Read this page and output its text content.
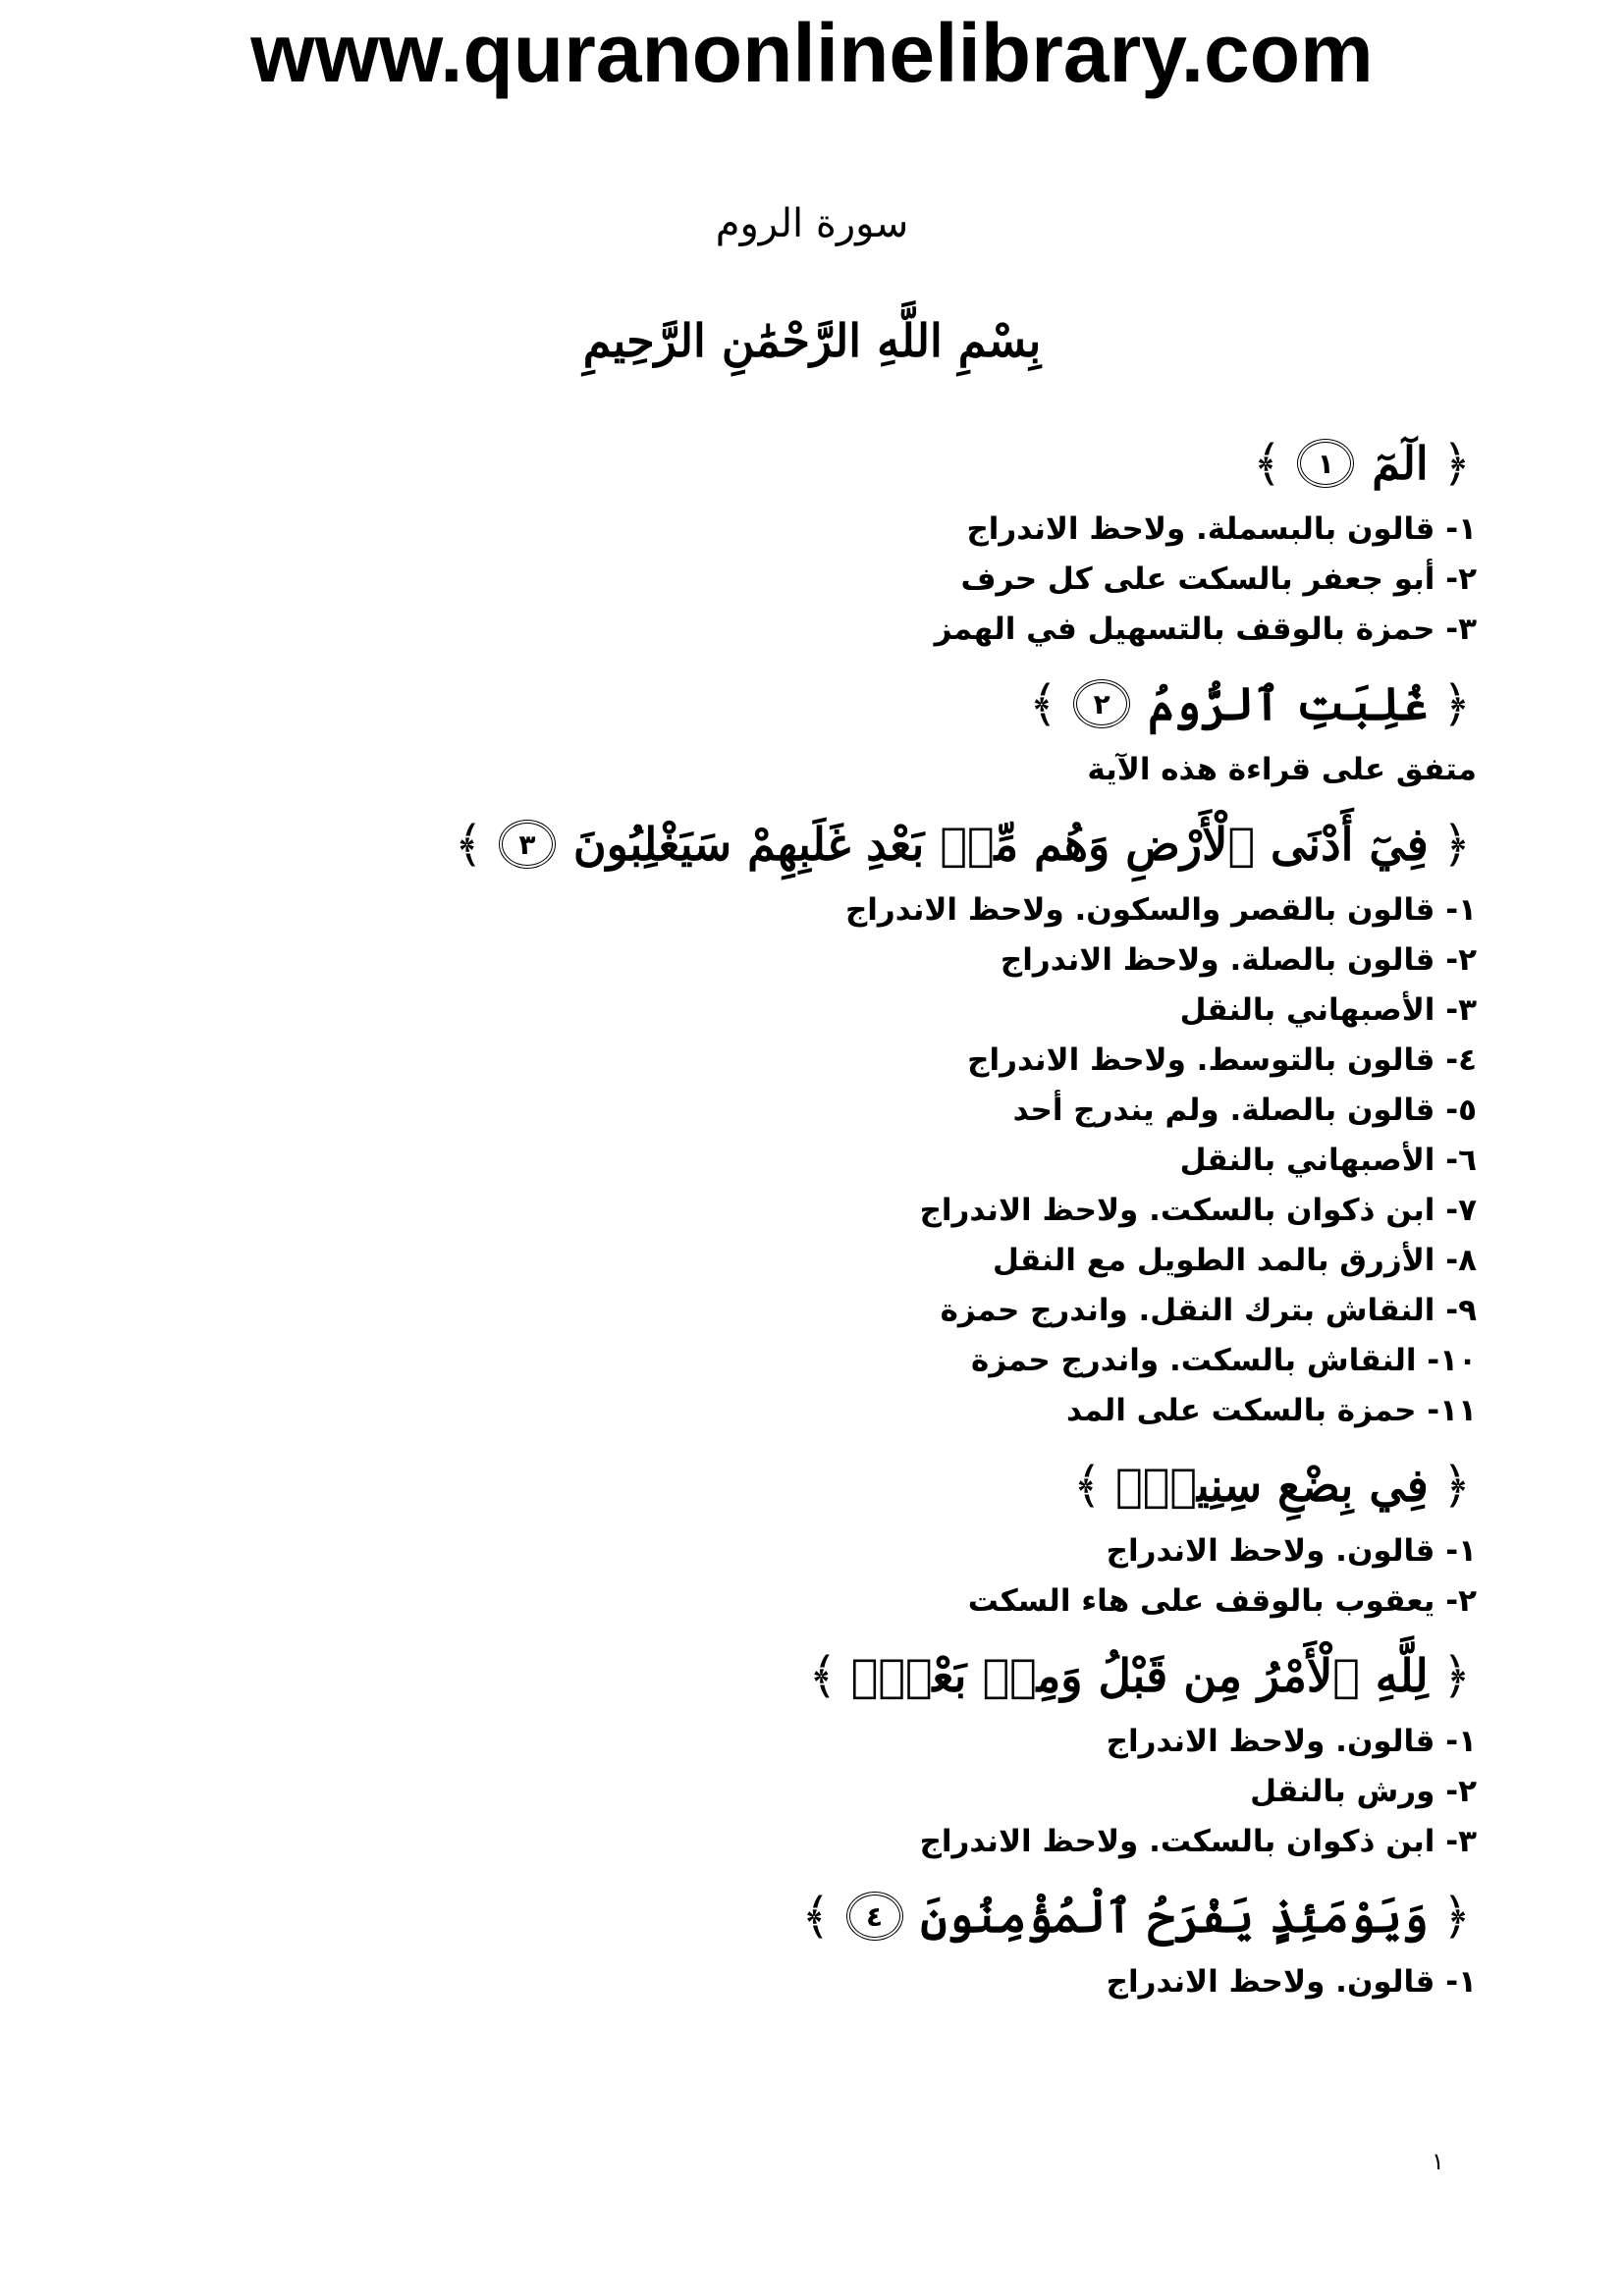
www.quranonlinelibrary.com
سورة الروم
بِسْمِ اللَّهِ الرَّحْمَٰنِ الرَّحِيمِ
﴿
الٓمٓ
١
﴾
١- قالون بالبسملة. ولاحظ الاندراج
٢- أبو جعفر بالسكت على كل حرف
٣- حمزة بالوقف بالتسهيل في الهمز
﴿
غُلِبَتِ ٱلرُّومُ
٢
﴾
متفق على قراءة هذه الآية
﴿
فِيٓ أَدْنَى ٱلْأَرْضِ وَهُم مِّنۢ بَعْدِ غَلَبِهِمْ سَيَغْلِبُونَ
٣
﴾
١- قالون بالقصر والسكون. ولاحظ الاندراج
٢- قالون بالصلة. ولاحظ الاندراج
٣- الأصبهاني بالنقل
٤- قالون بالتوسط. ولاحظ الاندراج
٥- قالون بالصلة. ولم يندرج أحد
٦- الأصبهاني بالنقل
٧- ابن ذكوان بالسكت. ولاحظ الاندراج
٨- الأزرق بالمد الطويل مع النقل
٩- النقاش بترك النقل. واندرج حمزة
١٠- النقاش بالسكت. واندرج حمزة
١١- حمزة بالسكت على المد
﴿
فِي بِضْعِ سِنِينَۗ
﴾
١- قالون. ولاحظ الاندراج
٢- يعقوب بالوقف على هاء السكت
﴿
لِلَّهِ ٱلْأَمْرُ مِن قَبْلُ وَمِنۢ بَعْدُۚ
﴾
١- قالون. ولاحظ الاندراج
٢- ورش بالنقل
٣- ابن ذكوان بالسكت. ولاحظ الاندراج
﴿
وَيَوْمَئِذٍ يَفْرَحُ ٱلْمُؤْمِنُونَ
٤
﴾
١- قالون. ولاحظ الاندراج
١
